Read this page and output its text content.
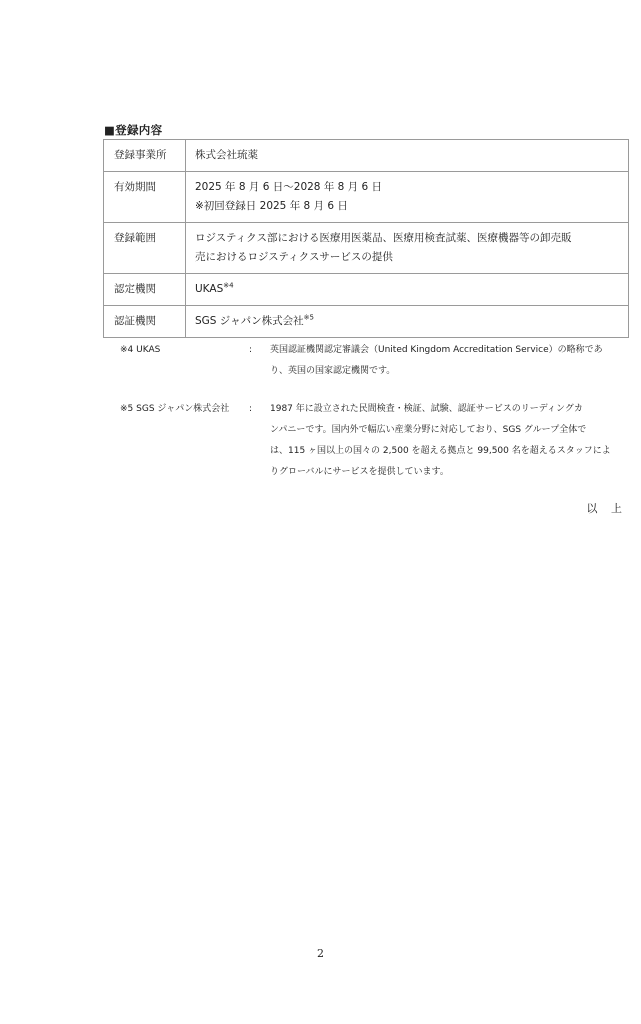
■登録内容
登録事業所	株式会社琉薬
有効期間	2025 年 8 月 6 日～2028 年 8 月 6 日
※初回登録日 2025 年 8 月 6 日

登録範囲	ロジスティクス部における医療用医薬品、医療用検査試薬、医療機器等の卸売販
売におけるロジスティクスサービスの提供

認定機関	UKAS$^{※4}$
認証機関	SGS ジャパン株式会社$^{※5}$
※4 UKAS	: 英国認証機関認定審議会（United Kingdom Accreditation Service）の略称であ
り、英国の国家認定機関です。
※5 SGS ジャパン株式会社 : 1987 年に設立された民間検査・検証、試験、認証サービスのリーディングカ
ンパニーです。国内外で幅広い産業分野に対応しており、SGS グループ全体で
は、115 ヶ国以上の国々の 2,500 を超える拠点と 99,500 名を超えるスタッフによ
りグローバルにサービスを提供しています。
以 上
2
